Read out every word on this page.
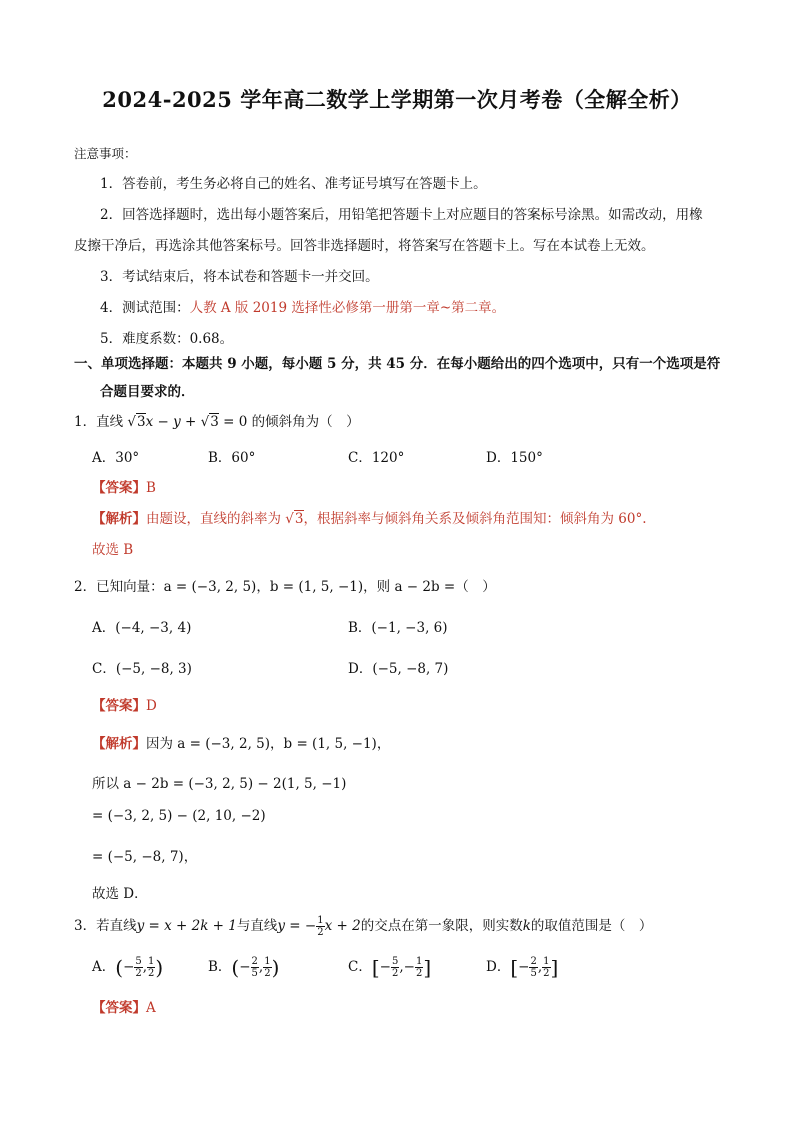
2024-2025 学年高二数学上学期第一次月考卷（全解全析）
注意事项：
1．答卷前，考生务必将自己的姓名、准考证号填写在答题卡上。
2．回答选择题时，选出每小题答案后，用铅笔把答题卡上对应题目的答案标号涂黑。如需改动，用橡
皮擦干净后，再选涂其他答案标号。回答非选择题时，将答案写在答题卡上。写在本试卷上无效。
3．考试结束后，将本试卷和答题卡一并交回。
4．测试范围：人教 A 版 2019 选择性必修第一册第一章~第二章。
5．难度系数：0.68。
一、单项选择题：本题共 9 小题，每小题 5 分，共 45 分．在每小题给出的四个选项中，只有一个选项是符
合题目要求的．
1．直线 √3x − y + √3 = 0 的倾斜角为（　）
A．30°	B．60°	C．120°	D．150°
【答案】B
【解析】由题设，直线的斜率为 √3，根据斜率与倾斜角关系及倾斜角范围知：倾斜角为 60°.
故选 B
2．已知向量：a = (−3, 2, 5)，b = (1, 5, −1)，则 a − 2b =（　）
A．(−4, −3, 4)	B．(−1, −3, 6)
C．(−5, −8, 3)	D．(−5, −8, 7)
【答案】D
【解析】因为 a = (−3, 2, 5)，b = (1, 5, −1)，
所以 a − 2b = (−3, 2, 5) − 2(1, 5, −1)
= (−3, 2, 5) − (2, 10, −2)
= (−5, −8, 7)，
故选 D．
3．若直线y = x + 2k + 1与直线y = − $\frac{1}{2}$ x + 2的交点在第一象限，则实数k的取值范围是（　）
A．(− $\frac{5}{2}$ , $\frac{1}{2}$ )	B．(− $\frac{2}{5}$ , $\frac{1}{2}$ )	C．[− $\frac{5}{2}$ ,− $\frac{1}{2}$ ]	D．[− $\frac{2}{5}$ , $\frac{1}{2}$ ]
【答案】A
